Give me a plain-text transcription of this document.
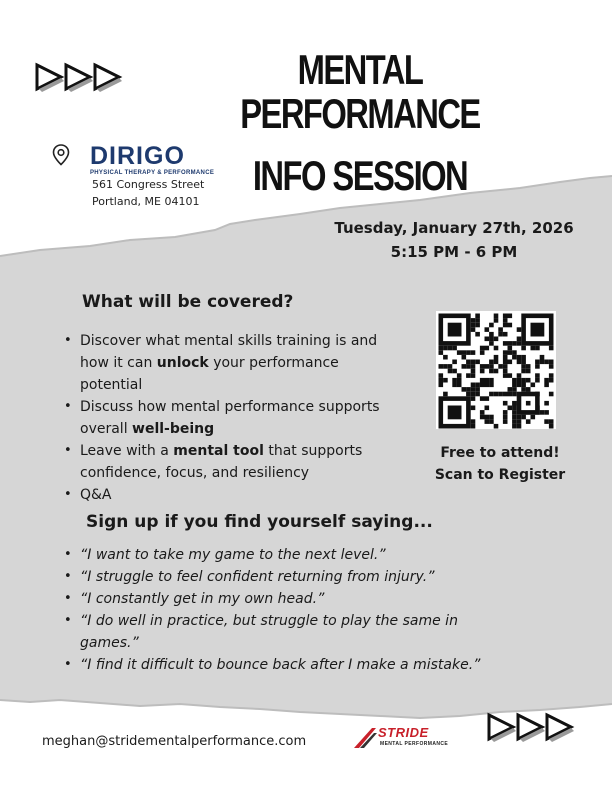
MENTAL PERFORMANCE
INFO SESSION
DIRIGO
PHYSICAL THERAPY & PERFORMANCE
561 Congress Street
Portland, ME 04101
Tuesday, January 27th, 2026
5:15 PM - 6 PM
What will be covered?
• Discover what mental skills training is and how it can unlock your performance potential
• Discuss how mental performance supports overall well-being
• Leave with a mental tool that supports confidence, focus, and resiliency
• Q&A
Free to attend!
Scan to Register
Sign up if you find yourself saying...
• “I want to take my game to the next level.”
• “I struggle to feel confident returning from injury.”
• “I constantly get in my own head.”
• “I do well in practice, but struggle to play the same in games.”
• “I find it difficult to bounce back after I make a mistake.”
meghan@stridementalperformance.com
STRIDE
MENTAL PERFORMANCE
